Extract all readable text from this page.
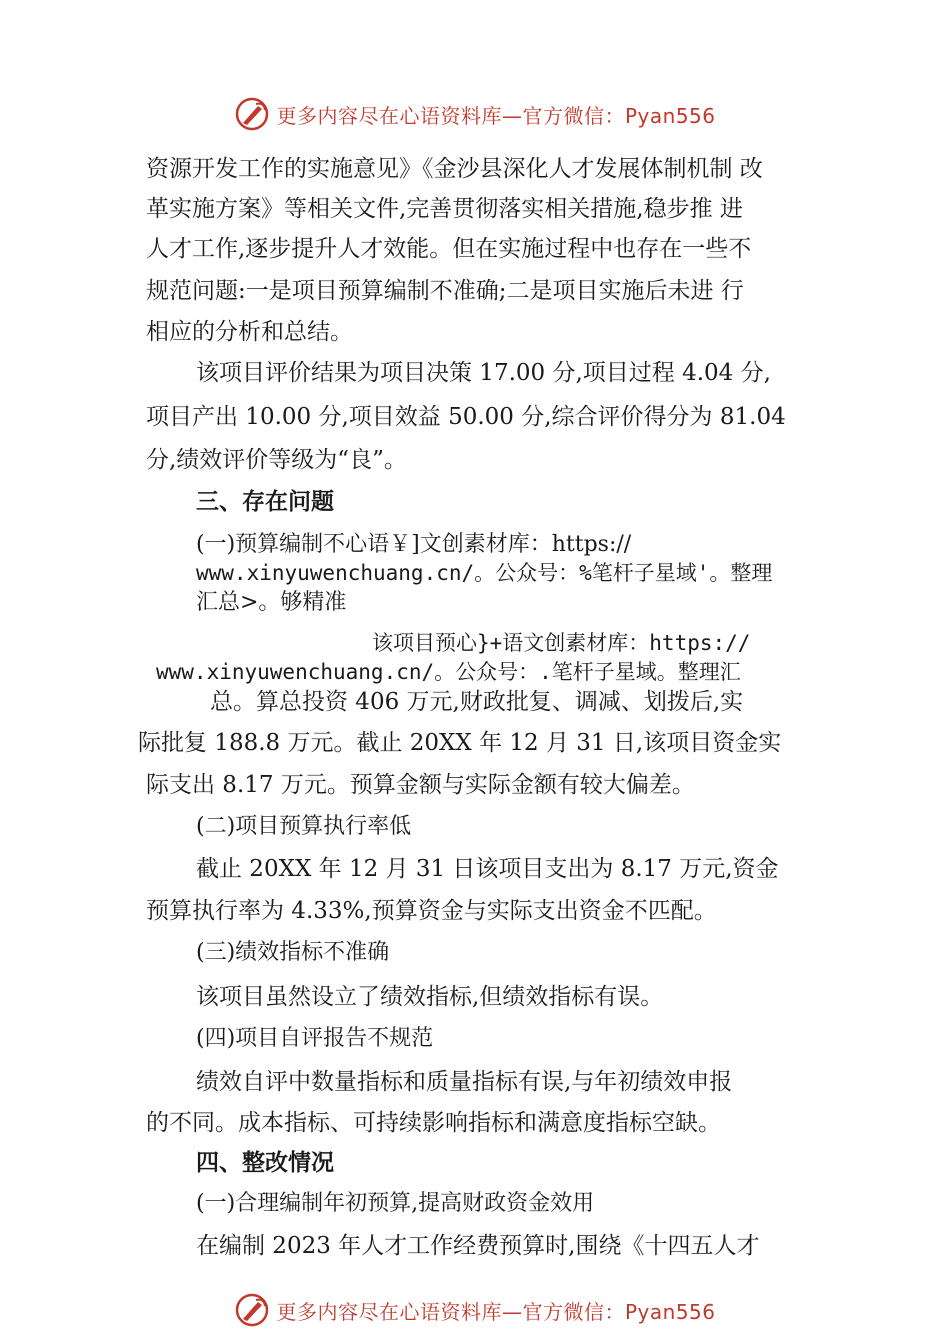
更多内容尽在心语资料库—官方微信：Pyan556
资源开发工作的实施意见》《金沙县深化人才发展体制机制 改
革实施方案》等相关文件,完善贯彻落实相关措施,稳步推 进
人才工作,逐步提升人才效能。但在实施过程中也存在一些不
规范问题:一是项目预算编制不准确;二是项目实施后未进 行
相应的分析和总结。
该项目评价结果为项目决策 17.00 分,项目过程 4.04 分,
项目产出 10.00 分,项目效益 50.00 分,综合评价得分为 81.04
分,绩效评价等级为“良”。
三、存在问题
(一)预算编制不心语￥]文创素材库：https://
www.xinyuwenchuang.cn/。公众号：%笔杆子星域'。整理
汇总>。够精准
该项目预心}+语文创素材库：https://
www.xinyuwenchuang.cn/。公众号：.笔杆子星域。整理汇
总。算总投资 406 万元,财政批复、调减、划拨后,实
际批复 188.8 万元。截止 20XX 年 12 月 31 日,该项目资金实
际支出 8.17 万元。预算金额与实际金额有较大偏差。
(二)项目预算执行率低
截止 20XX 年 12 月 31 日该项目支出为 8.17 万元,资金
预算执行率为 4.33%,预算资金与实际支出资金不匹配。
(三)绩效指标不准确
该项目虽然设立了绩效指标,但绩效指标有误。
(四)项目自评报告不规范
绩效自评中数量指标和质量指标有误,与年初绩效申报
的不同。成本指标、可持续影响指标和满意度指标空缺。
四、整改情况
(一)合理编制年初预算,提高财政资金效用
在编制 2023 年人才工作经费预算时,围绕《十四五人才
更多内容尽在心语资料库—官方微信：Pyan556
